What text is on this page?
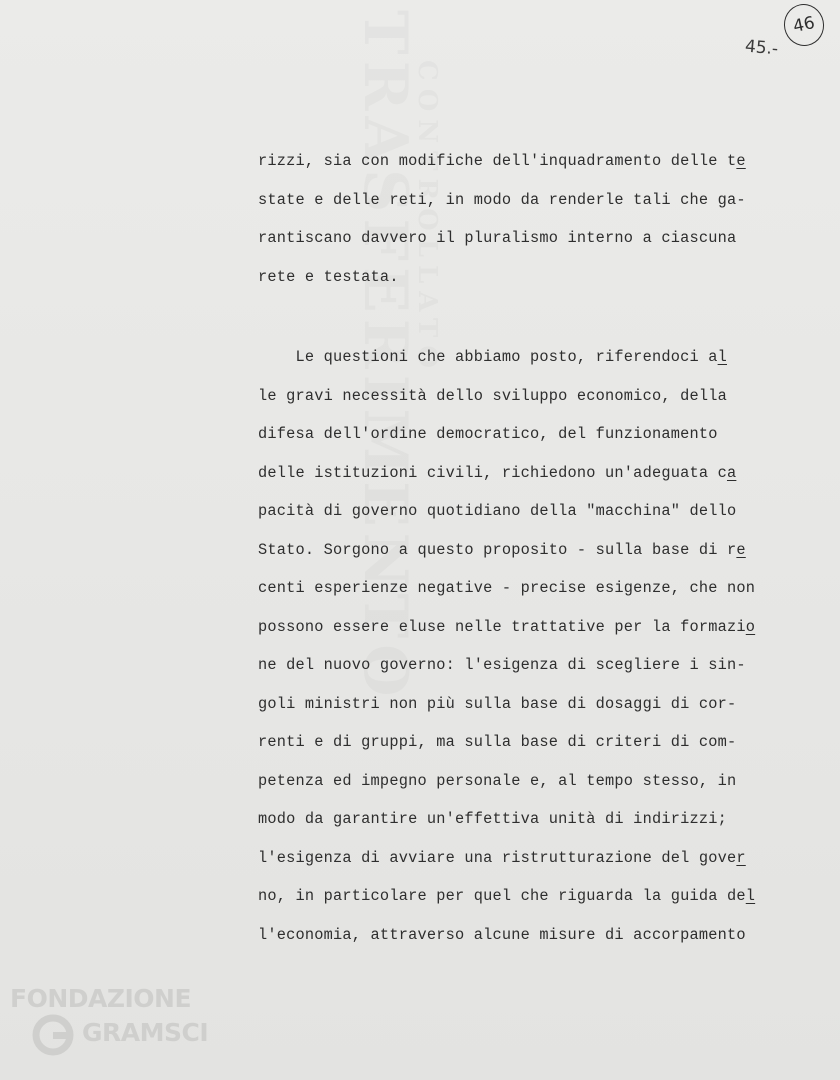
FONDAZIONE
GRAMSCI
45.-
46
rizzi, sia con modifiche dell'inquadramento delle te
state e delle reti, in modo da renderle tali che ga-
rantiscano davvero il pluralismo interno a ciascuna
rete e testata.
Le questioni che abbiamo posto, riferendoci al
le gravi necessità dello sviluppo economico, della
difesa dell'ordine democratico, del funzionamento
delle istituzioni civili, richiedono un'adeguata ca
pacità di governo quotidiano della "macchina" dello
Stato. Sorgono a questo proposito - sulla base di re
centi esperienze negative - precise esigenze, che non
possono essere eluse nelle trattative per la formazio
ne del nuovo governo: l'esigenza di scegliere i sin-
goli ministri non più sulla base di dosaggi di cor-
renti e di gruppi, ma sulla base di criteri di com-
petenza ed impegno personale e, al tempo stesso, in
modo da garantire un'effettiva unità di indirizzi;
l'esigenza di avviare una ristrutturazione del gover
no, in particolare per quel che riguarda la guida del
l'economia, attraverso alcune misure di accorpamento
